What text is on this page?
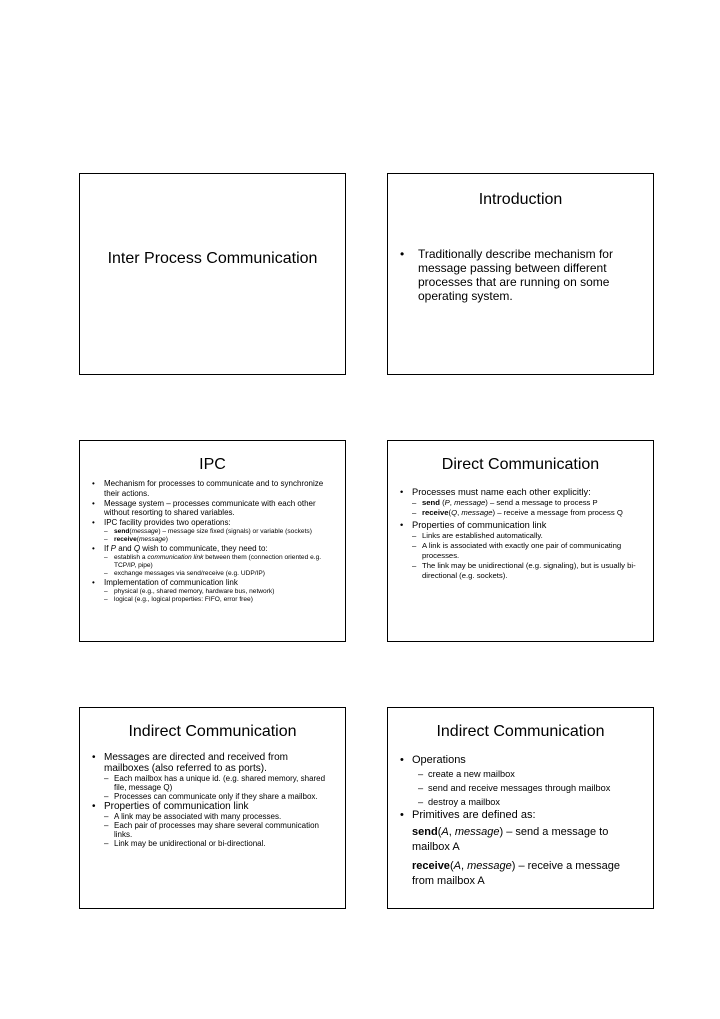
Inter Process Communication
Introduction
• Traditionally describe mechanism for message passing between different processes that are running on some operating system.
IPC
• Mechanism for processes to communicate and to synchronize their actions.
• Message system – processes communicate with each other without resorting to shared variables.
• IPC facility provides two operations:
– send(message) – message size fixed (signals) or variable (sockets)
– receive(message)
• If P and Q wish to communicate, they need to:
– establish a communication link between them (connection oriented e.g. TCP/IP, pipe)
– exchange messages via send/receive (e.g. UDP/IP)
• Implementation of communication link
– physical (e.g., shared memory, hardware bus, network)
– logical (e.g., logical properties: FIFO, error free)
Direct Communication
• Processes must name each other explicitly:
– send (P, message) – send a message to process P
– receive(Q, message) – receive a message from process Q
• Properties of communication link
– Links are established automatically.
– A link is associated with exactly one pair of communicating processes.
– The link may be unidirectional (e.g. signaling), but is usually bi-directional (e.g. sockets).
Indirect Communication
• Messages are directed and received from mailboxes (also referred to as ports).
– Each mailbox has a unique id. (e.g. shared memory, shared file, message Q)
– Processes can communicate only if they share a mailbox.
• Properties of communication link
– A link may be associated with many processes.
– Each pair of processes may share several communication links.
– Link may be unidirectional or bi-directional.
Indirect Communication
• Operations
– create a new mailbox
– send and receive messages through mailbox
– destroy a mailbox
• Primitives are defined as:
send(A, message) – send a message to mailbox A
receive(A, message) – receive a message from mailbox A
